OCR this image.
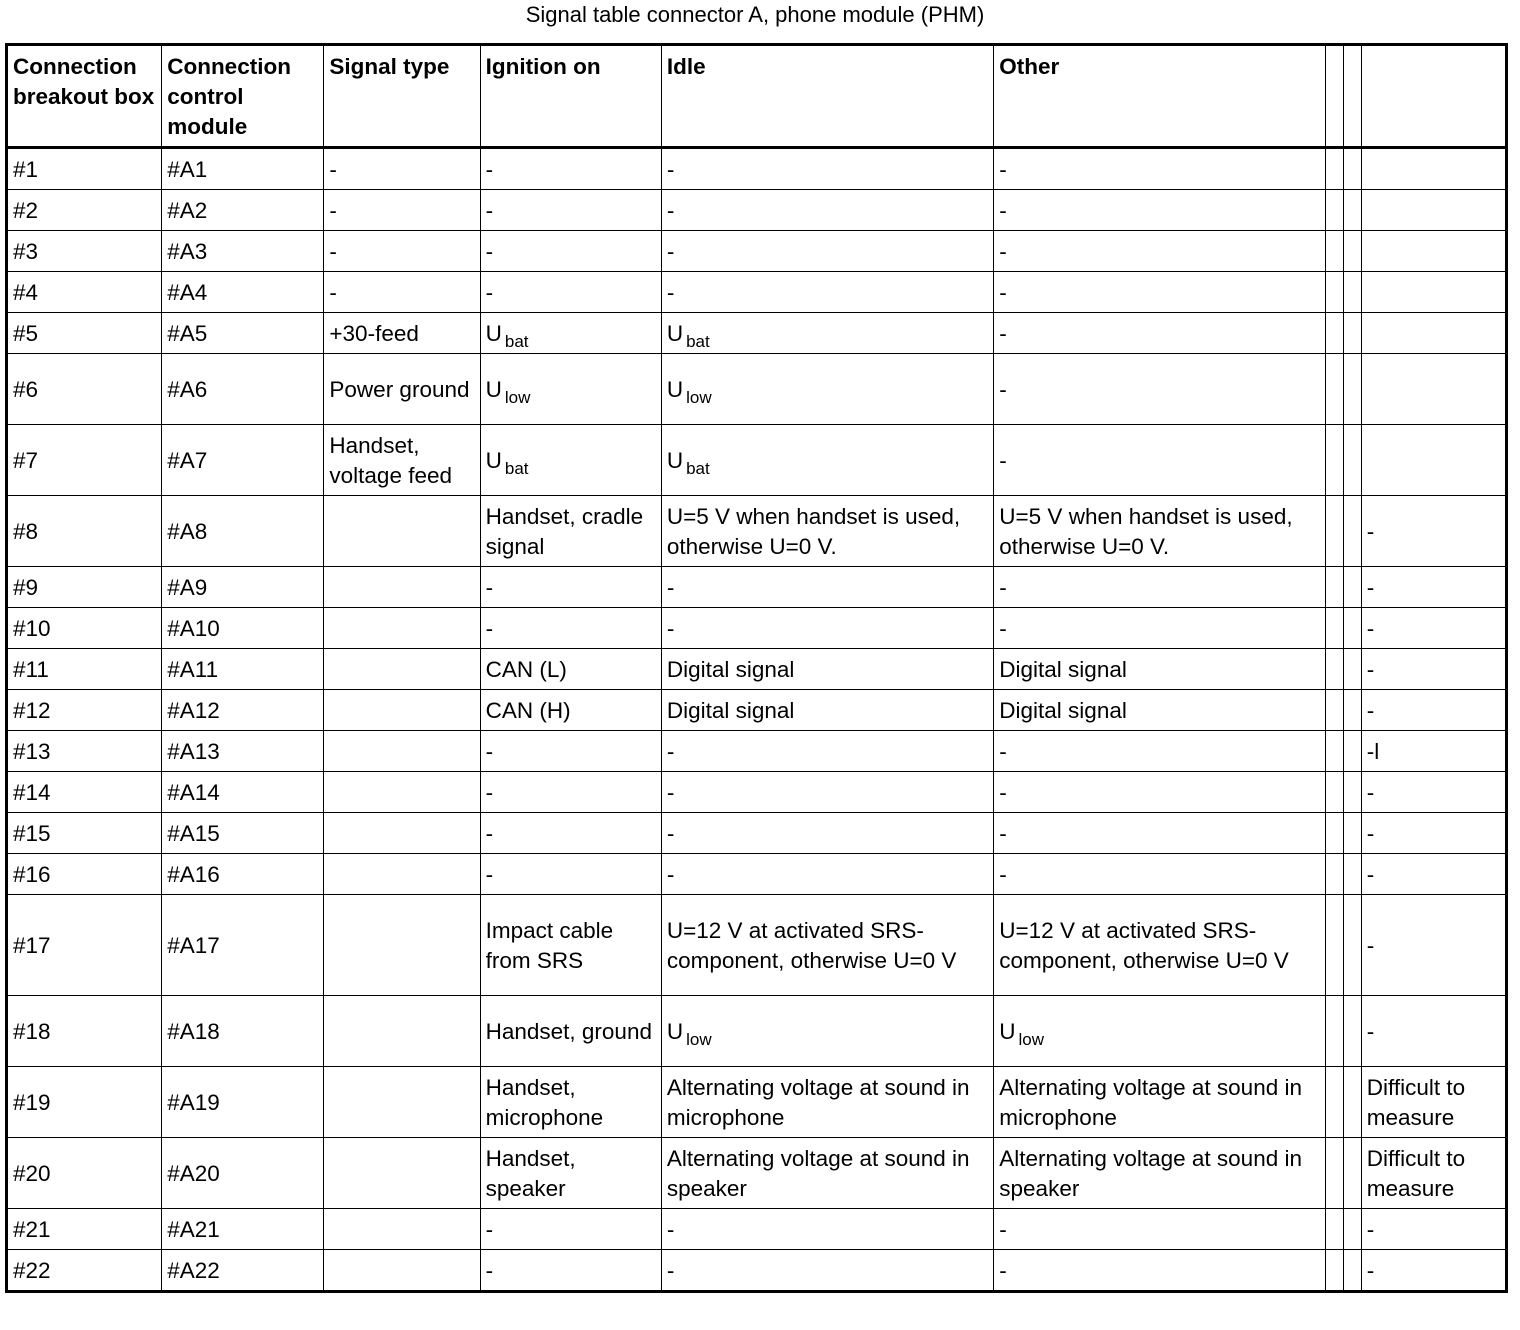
Signal table connector A, phone module (PHM)
Connection breakout box	Connection control module	Signal type	Ignition on	Idle	Other			
#1	#A1	-	-	-	-			
#2	#A2	-	-	-	-			
#3	#A3	-	-	-	-			
#4	#A4	-	-	-	-			
#5	#A5	+30-feed	U $_{bat}$	U $_{bat}$	-			
#6	#A6	Power ground	U $_{low}$	U $_{low}$	-			
#7	#A7	Handset, voltage feed	U $_{bat}$	U $_{bat}$	-			
#8	#A8		Handset, cradle signal	U=5 V when handset is used, otherwise U=0 V.	U=5 V when handset is used, otherwise U=0 V.			-
#9	#A9		-	-	-			-
#10	#A10		-	-	-			-
#11	#A11		CAN (L)	Digital signal	Digital signal			-
#12	#A12		CAN (H)	Digital signal	Digital signal			-
#13	#A13		-	-	-			-l
#14	#A14		-	-	-			-
#15	#A15		-	-	-			-
#16	#A16		-	-	-			-
#17	#A17		Impact cable from SRS	U=12 V at activated SRS-component, otherwise U=0 V	U=12 V at activated SRS-component, otherwise U=0 V			-
#18	#A18		Handset, ground	U $_{low}$	U $_{low}$			-
#19	#A19		Handset, microphone	Alternating voltage at sound in microphone	Alternating voltage at sound in microphone			Difficult to measure
#20	#A20		Handset, speaker	Alternating voltage at sound in speaker	Alternating voltage at sound in speaker			Difficult to measure
#21	#A21		-	-	-			-
#22	#A22		-	-	-			-
